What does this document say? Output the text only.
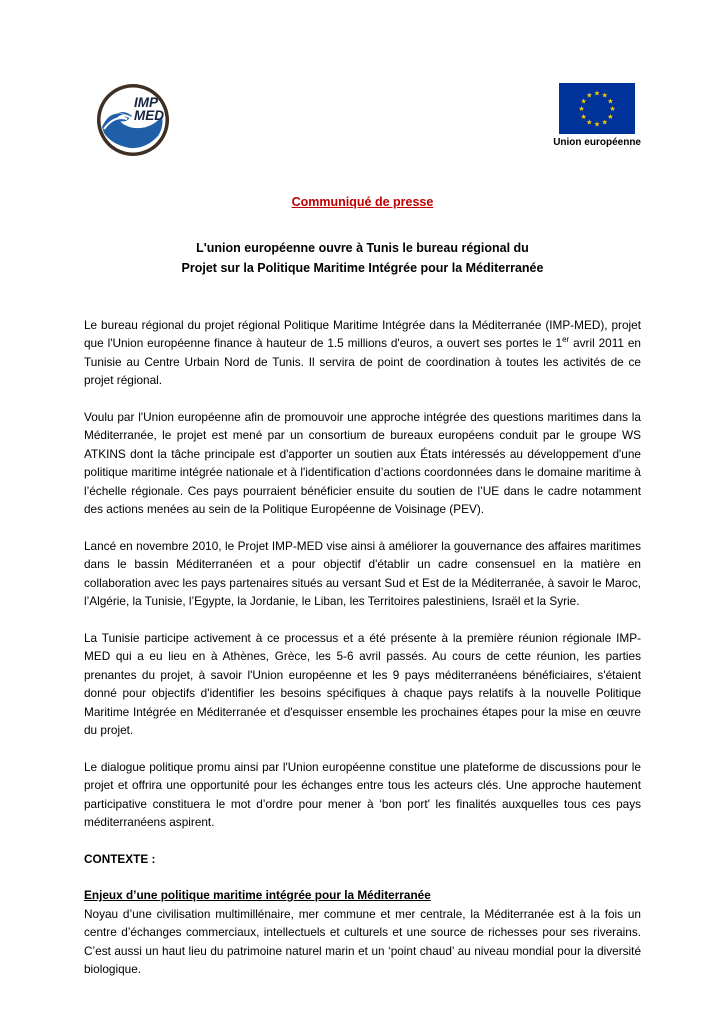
IMP
MED
★ ★
★
★
★
★
★
★
★
★
★
★
Union européenne
Communiqué de presse
L'union européenne ouvre à Tunis le bureau régional du
Projet sur la Politique Maritime Intégrée pour la Méditerranée

Le bureau régional du projet régional Politique Maritime Intégrée dans la Méditerranée (IMP-MED), projet que l'Union européenne finance à hauteur de 1.5 millions d'euros, a ouvert ses portes le 1er avril 2011 en Tunisie au Centre Urbain Nord de Tunis. Il servira de point de coordination à toutes les activités de ce projet régional.

Voulu par l'Union européenne afin de promouvoir une approche intégrée des questions maritimes dans la Méditerranée, le projet est mené par un consortium de bureaux européens conduit par le groupe WS ATKINS dont la tâche principale est d'apporter un soutien aux États intéressés au développement d'une politique maritime intégrée nationale et à l'identification d’actions coordonnées dans le domaine maritime à l’échelle régionale. Ces pays pourraient bénéficier ensuite du soutien de l’UE dans le cadre notamment des actions menées au sein de la Politique Européenne de Voisinage (PEV).

Lancé en novembre 2010, le Projet IMP-MED vise ainsi à améliorer la gouvernance des affaires maritimes dans le bassin Méditerranéen et a pour objectif d'établir un cadre consensuel en la matière en collaboration avec les pays partenaires situés au versant Sud et Est de la Méditerranée, à savoir le Maroc, l’Algérie, la Tunisie, l’Egypte, la Jordanie, le Liban, les Territoires palestiniens, Israël et la Syrie.

La Tunisie participe activement à ce processus et a été présente à la première réunion régionale IMP-MED qui a eu lieu en à Athènes, Grèce, les 5-6 avril passés. Au cours de cette réunion, les parties prenantes du projet, à savoir l'Union européenne et les 9 pays méditerranéens bénéficiaires, s'étaient donné pour objectifs d'identifier les besoins spécifiques à chaque pays relatifs à la nouvelle Politique Maritime Intégrée en Méditerranée et d'esquisser ensemble les prochaines étapes pour la mise en œuvre du projet.

Le dialogue politique promu ainsi par l'Union européenne constitue une plateforme de discussions pour le projet et offrira une opportunité pour les échanges entre tous les acteurs clés. Une approche hautement participative constituera le mot d’ordre pour mener à ‘bon port' les finalités auxquelles tous ces pays méditerranéens aspirent.

CONTEXTE :

Enjeux d’une politique maritime intégrée pour la Méditerranée

Noyau d’une civilisation multimillénaire, mer commune et mer centrale, la Méditerranée est à la fois un centre d’échanges commerciaux, intellectuels et culturels et une source de richesses pour ses riverains. C’est aussi un haut lieu du patrimoine naturel marin et un ‘point chaud’ au niveau mondial pour la diversité biologique.
